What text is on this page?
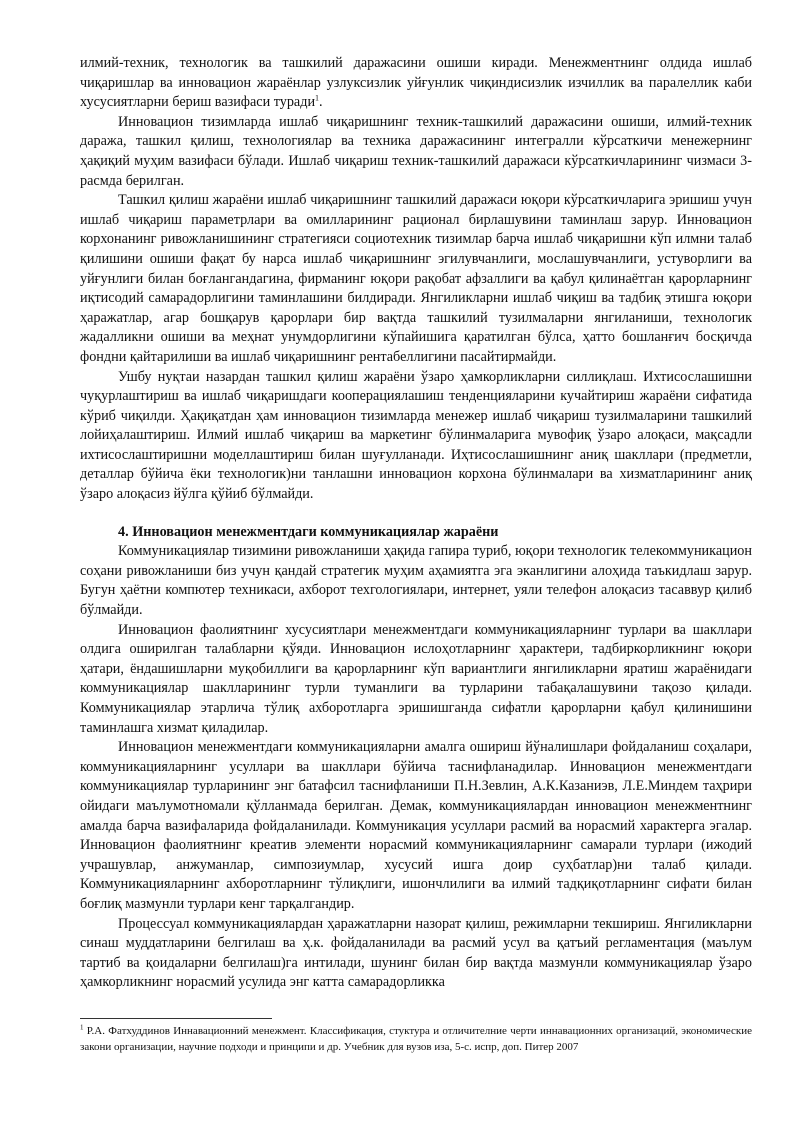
илмий-техник, технологик ва ташкилий даражасини ошиши киради. Менежментнинг олдида ишлаб чиқаришлар ва инновацион жараёнлар узлуксизлик уйғунлик чиқиндисизлик изчиллик ва паралеллик каби хусусиятларни бериш вазифаси туради$^1$.

Инновацион тизимларда ишлаб чиқаришнинг техник-ташкилий даражасини ошиши, илмий-техник даража, ташкил қилиш, технологиялар ва техника даражасининг интегралли кўрсаткичи менежернинг ҳақиқий муҳим вазифаси бўлади. Ишлаб чиқариш техник-ташкилий даражаси кўрсаткичларининг чизмаси 3-расмда берилган.

Ташкил қилиш жараёни ишлаб чиқаришнинг ташкилий даражаси юқори кўрсаткичларига эришиш учун ишлаб чиқариш параметрлари ва омилларининг рационал бирлашувини таминлаш зарур. Инновацион корхонанинг ривожланишининг стратегияси социотехник тизимлар барча ишлаб чиқаришни кўп илмни талаб қилишини ошиши фақат бу нарса ишлаб чиқаришнинг эгилувчанлиги, мослашувчанлиги, устуворлиги ва уйғунлиги билан боғлангандагина, фирманинг юқори рақобат афзаллиги ва қабул қилинаётган қарорларнинг иқтисодий самарадорлигини таминлашини билдиради. Янгиликларни ишлаб чиқиш ва тадбиқ этишга юқори ҳаражатлар, агар бошқарув қарорлари бир вақтда ташкилий тузилмаларни янгиланиши, технологик жадалликни ошиши ва меҳнат унумдорлигини кўпайишига қаратилган бўлса, ҳатто бошланғич босқичда фондни қайтарилиши ва ишлаб чиқаришнинг рентабеллигини пасайтирмайди.

Ушбу нуқтаи назардан ташкил қилиш жараёни ўзаро ҳамкорликларни силлиқлаш. Ихтисослашишни чуқурлаштириш ва ишлаб чиқаришдаги кооперациялашиш тенденцияларини кучайтириш жараёни сифатида кўриб чиқилди. Ҳақиқатдан ҳам инновацион тизимларда менежер ишлаб чиқариш тузилмаларини ташкилий лойиҳалаштириш. Илмий ишлаб чиқариш ва маркетинг бўлинмаларига мувофиқ ўзаро алоқаси, мақсадли ихтисослаштиришни моделлаштириш билан шуғулланади. Иҳтисослашишнинг аниқ шакллари (предметли, деталлар бўйича ёки технологик)ни танлашни инновацион корхона бўлинмалари ва хизматларининг аниқ ўзаро алоқасиз йўлга қўйиб бўлмайди.

4. Инновацион менежментдаги коммуникациялар жараёни

Коммуникациялар тизимини ривожланиши ҳақида гапира туриб, юқори технологик телекоммуникацион соҳани ривожланиши биз учун қандай стратегик муҳим аҳамиятга эга эканлигини алоҳида таъкидлаш зарур. Бугун ҳаётни компютер техникаси, ахборот техгологиялари, интернет, уяли телефон алоқасиз тасаввур қилиб бўлмайди.

Инновацион фаолиятнинг хусусиятлари менежментдаги коммуникацияларнинг турлари ва шакллари олдига оширилган талабларни қўяди. Инновацион ислоҳотларнинг ҳарактери, тадбиркорликнинг юқори ҳатари, ёндашишларни муқобиллиги ва қарорларнинг кўп вариантлиги янгиликларни яратиш жараёнидаги коммуникациялар шаклларининг турли туманлиги ва турларини табақалашувини тақозо қилади. Коммуникациялар этарлича тўлиқ ахборотларга эришишганда сифатли қарорларни қабул қилинишини таминлашга хизмат қиладилар.

Инновацион менежментдаги коммуникацияларни амалга ошириш йўналишлари фойдаланиш соҳалари, коммуникацияларнинг усуллари ва шакллари бўйича таснифланадилар. Инновацион менежментдаги коммуникациялар турларининг энг батафсил таснифланиши П.Н.Зевлин, А.К.Казаниэв, Л.Е.Миндем таҳрири ойидаги маълумотномали қўлланмада берилган. Демак, коммуникациялардан инновацион менежментнинг амалда барча вазифаларида фойдаланилади. Коммуникация усуллари расмий ва норасмий характерга эгалар. Инновацион фаолиятнинг креатив элементи норасмий коммуникацияларнинг самарали турлари (ижодий учрашувлар, анжуманлар, симпозиумлар, хусусий ишга доир суҳбатлар)ни талаб қилади. Коммуникацияларнинг ахборотларнинг тўлиқлиги, ишончлилиги ва илмий тадқиқотларнинг сифати билан боғлиқ мазмунли турлари кенг тарқалгандир.

Процессуал коммуникациялардан ҳаражатларни назорат қилиш, режимларни текшириш. Янгиликларни синаш муддатларини белгилаш ва ҳ.к. фойдаланилади ва расмий усул ва қатъий регламентация (маълум тартиб ва қоидаларни белгилаш)га интилади, шунинг билан бир вақтда мазмунли коммуникациялар ўзаро ҳамкорликнинг норасмий усулида энг катта самарадорликка

$^1$ Р.А. Фатхуддинов Иннавационний менежмент. Классификация, стуктура и отличителние черти иннавационних организаций, экономические закони организации, научние подходи и принципи и др. Учебник для вузов иза, 5-с. испр, доп. Питер 2007
